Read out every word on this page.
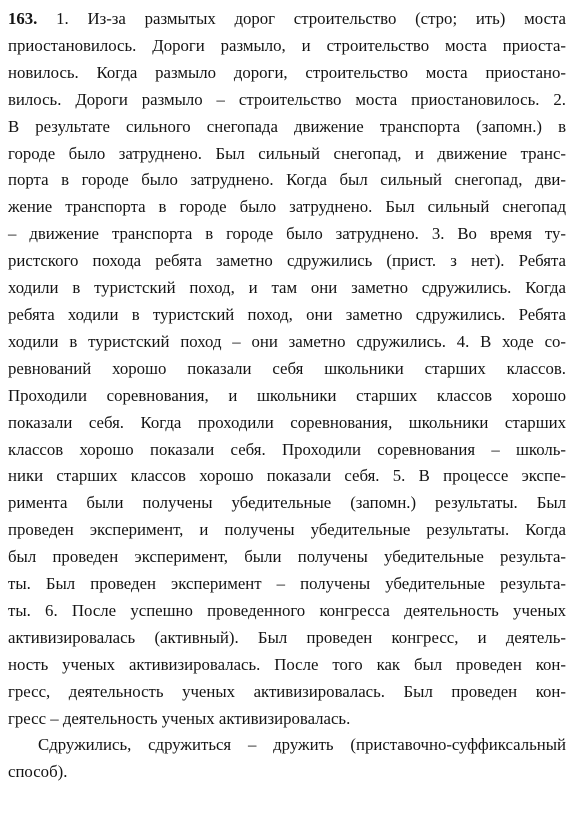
163. 1. Из-за размытых дорог строительство (стро; ить) моста
приостановилось. Дороги размыло, и строительство моста приоста-
новилось. Когда размыло дороги, строительство моста приостано-
вилось. Дороги размыло – строительство моста приостановилось. 2.
В результате сильного снегопада движение транспорта (запомн.) в
городе было затруднено. Был сильный снегопад, и движение транс-
порта в городе было затруднено. Когда был сильный снегопад, дви-
жение транспорта в городе было затруднено. Был сильный снегопад
– движение транспорта в городе было затруднено. 3. Во время ту-
ристского похода ребята заметно сдружились (прист. з нет). Ребята
ходили в туристский поход, и там они заметно сдружились. Когда
ребята ходили в туристский поход, они заметно сдружились. Ребята
ходили в туристский поход – они заметно сдружились. 4. В ходе со-
ревнований хорошо показали себя школьники старших классов.
Проходили соревнования, и школьники старших классов хорошо
показали себя. Когда проходили соревнования, школьники старших
классов хорошо показали себя. Проходили соревнования – школь-
ники старших классов хорошо показали себя. 5. В процессе экспе-
римента были получены убедительные (запомн.) результаты. Был
проведен эксперимент, и получены убедительные результаты. Когда
был проведен эксперимент, были получены убедительные результа-
ты. Был проведен эксперимент – получены убедительные результа-
ты. 6. После успешно проведенного конгресса деятельность ученых
активизировалась (активный). Был проведен конгресс, и деятель-
ность ученых активизировалась. После того как был проведен кон-
гресс, деятельность ученых активизировалась. Был проведен кон-
гресс – деятельность ученых активизировалась.
Сдружились, сдружиться – дружить (приставочно-суффиксальный
способ).
